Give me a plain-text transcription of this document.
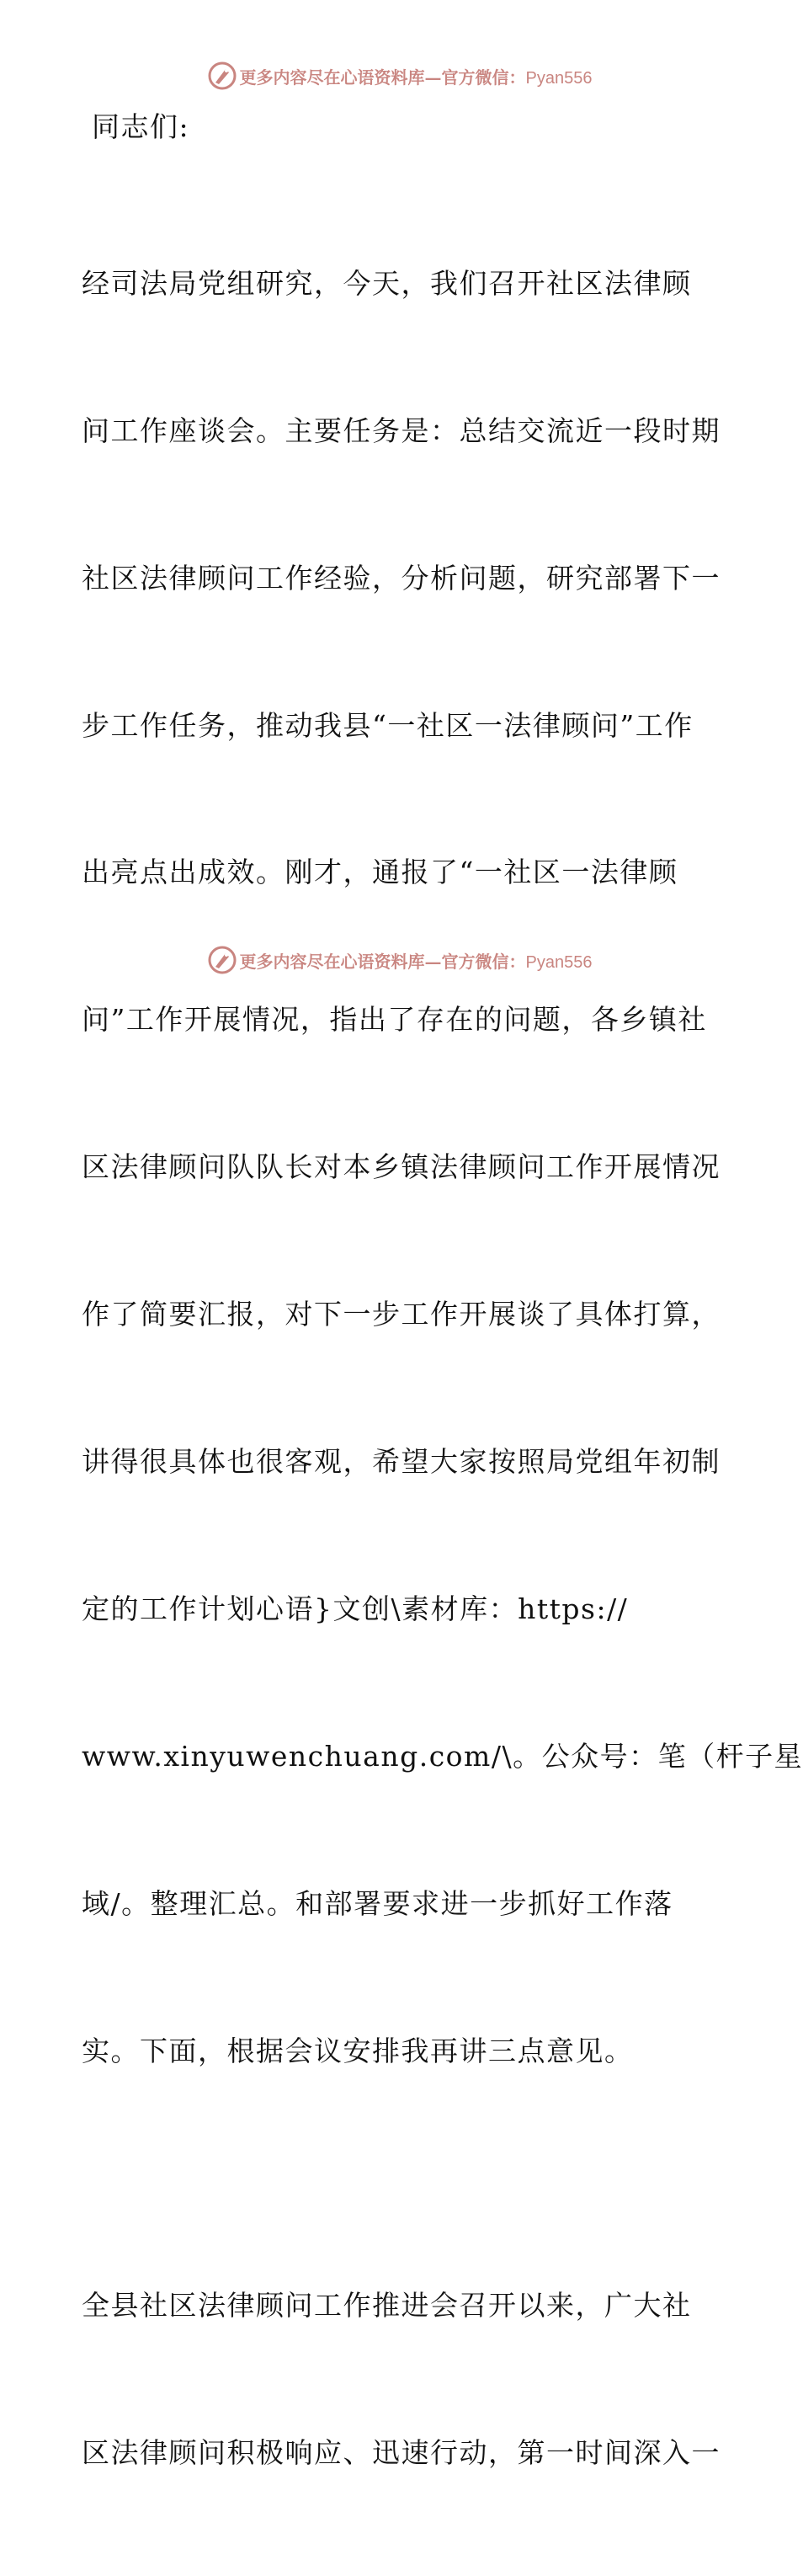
更多内容尽在心语资料库—官方微信：Pyan556

同志们:

经司法局党组研究，今天，我们召开社区法律顾

问工作座谈会。主要任务是：总结交流近一段时期

社区法律顾问工作经验，分析问题，研究部署下一

步工作任务，推动我县“一社区一法律顾问”工作

出亮点出成效。刚才，通报了“一社区一法律顾

问”工作开展情况，指出了存在的问题，各乡镇社

区法律顾问队队长对本乡镇法律顾问工作开展情况

作了简要汇报，对下一步工作开展谈了具体打算，

讲得很具体也很客观，希望大家按照局党组年初制

定的工作计划心语}文创\素材库：https://

www.xinyuwenchuang.com/\。公众号：笔（杆子星

域/。整理汇总。和部署要求进一步抓好工作落

实。下面，根据会议安排我再讲三点意见。

全县社区法律顾问工作推进会召开以来，广大社

区法律顾问积极响应、迅速行动，第一时间深入一

更多内容尽在心语资料库—官方微信：Pyan556
